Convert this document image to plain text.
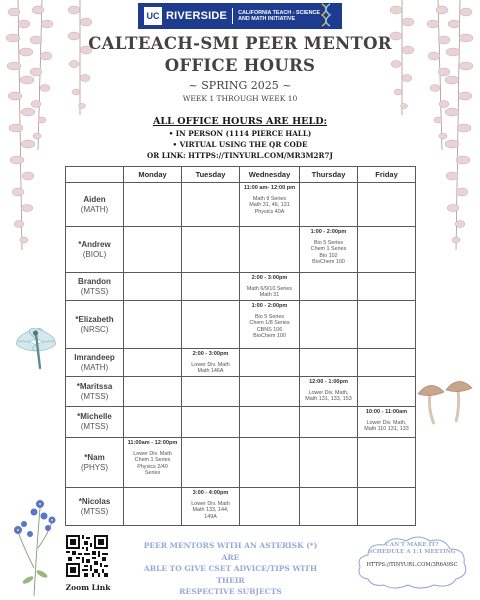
UC RIVERSIDE CALIFORNIA TEACH - SCIENCE
AND MATH INITIATIVE
CALTEACH-SMI PEER MENTOR
OFFICE HOURS
~ SPRING 2025 ~
WEEK 1 THROUGH WEEK 10
ALL OFFICE HOURS ARE HELD:
• IN PERSON (1114 PIERCE HALL)
• VIRTUAL USING THE QR CODE
OR LINK: HTTPS://TINYURL.COM/MR3M2R7J
	Monday	Tuesday	Wednesday	Thursday	Friday

Aiden
(MATH)			11:00 am- 12:00 pm
Math 9 Series
Math 31, 46, 131
Physics 40A		

*Andrew
(BIOL)				1:00 - 2:00pm
Bio 5 Series
Chem 1 Series
Bio 102
BioChem 100	

Brandon
(MTSS)			2:00 - 3:00pm
Math 6/9/10 Series
Math 31		

*Elizabeth
(NRSC)			1:00 - 2:00pm
Bio 5 Series
Chem 1/8 Series
CBNS 106
BioChem 100		

Imrandeep
(MATH)		2:00 - 3:00pm
Lower Div. Math
Math 146A			

*Maritssa
(MTSS)				12:00 - 1:00pm
Lower Div. Math,
Math 131, 133, 153	

*Michelle
(MTSS)					10:00 - 11:00am
Lower Div. Math,
Math 110 131, 133

*Nam
(PHYS)	11:00am - 12:00pm
Lower Div. Math
Chem 1 Series
Physics 2/40
Series				

*Nicolas
(MTSS)		3:00 - 4:00pm
Lower Div. Math
Math 133, 144,
149A			

Zoom Link
PEER MENTORS WITH AN ASTERISK (*) ARE
ABLE TO GIVE CSET ADVICE/TIPS WITH THEIR
RESPECTIVE SUBJECTS
CAN'T MAKE IT?
SCHEDULE A 1:1 MEETING
HTTPS://TINYURL.COM/3R6A9SC
